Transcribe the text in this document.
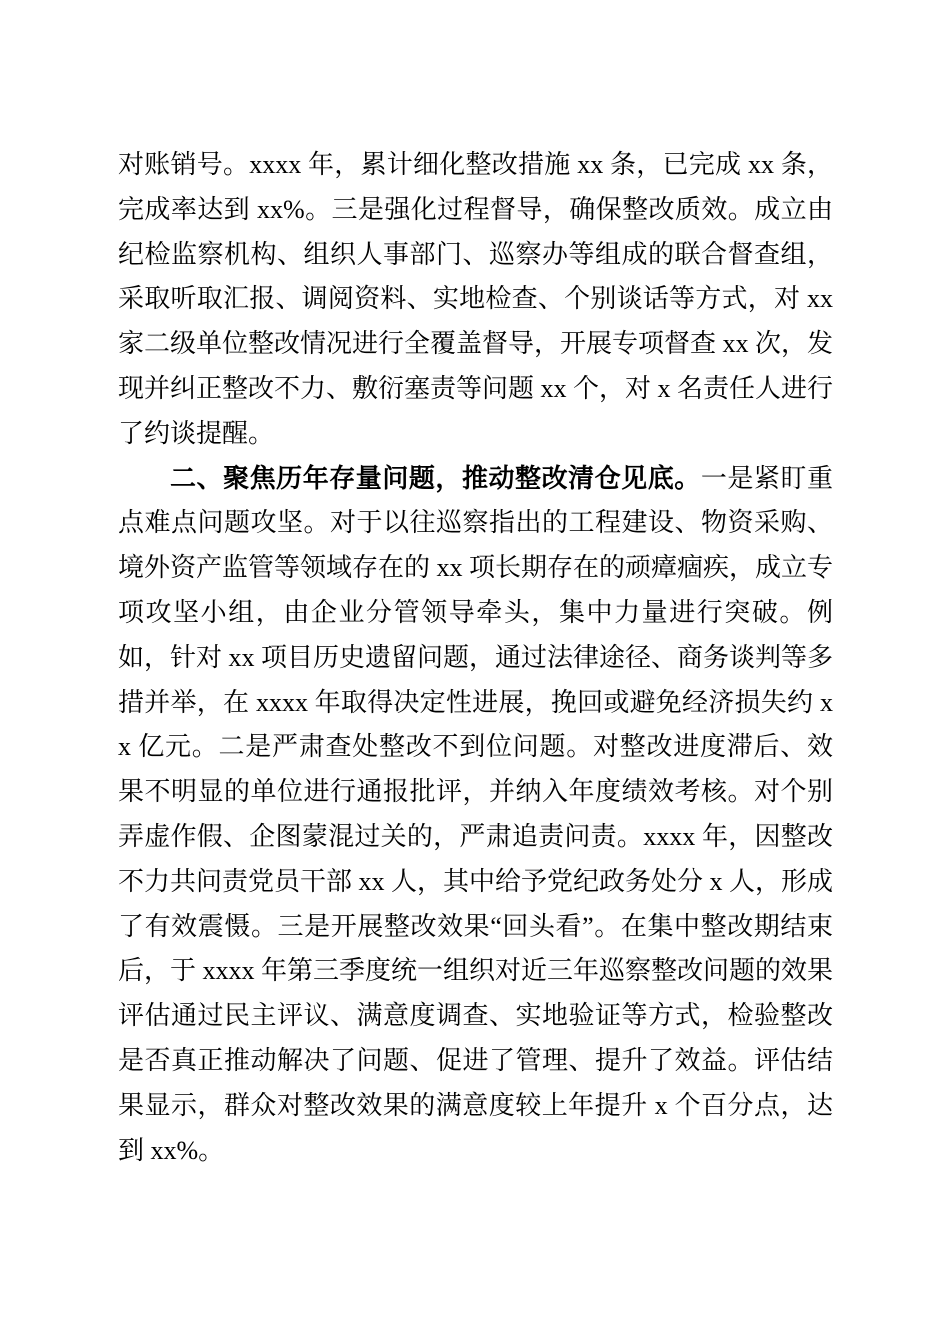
对账销号。xxxx 年，累计细化整改措施 xx 条，已完成 xx 条，完成率达到 xx%。三是强化过程督导，确保整改质效。成立由纪检监察机构、组织人事部门、巡察办等组成的联合督查组，采取听取汇报、调阅资料、实地检查、个别谈话等方式，对 xx 家二级单位整改情况进行全覆盖督导，开展专项督查 xx 次，发现并纠正整改不力、敷衍塞责等问题 xx 个，对 x 名责任人进行了约谈提醒。

二、聚焦历年存量问题，推动整改清仓见底。一是紧盯重点难点问题攻坚。对于以往巡察指出的工程建设、物资采购、境外资产监管等领域存在的 xx 项长期存在的顽瘴痼疾，成立专项攻坚小组，由企业分管领导牵头，集中力量进行突破。例如，针对 xx 项目历史遗留问题，通过法律途径、商务谈判等多措并举，在 xxxx 年取得决定性进展，挽回或避免经济损失约 xx 亿元。二是严肃查处整改不到位问题。对整改进度滞后、效果不明显的单位进行通报批评，并纳入年度绩效考核。对个别弄虚作假、企图蒙混过关的，严肃追责问责。xxxx 年，因整改不力共问责党员干部 xx 人，其中给予党纪政务处分 x 人，形成了有效震慑。三是开展整改效果“回头看”。在集中整改期结束后，于 xxxx 年第三季度统一组织对近三年巡察整改问题的效果评估通过民主评议、满意度调查、实地验证等方式，检验整改是否真正推动解决了问题、促进了管理、提升了效益。评估结果显示，群众对整改效果的满意度较上年提升 x 个百分点，达到 xx%。
